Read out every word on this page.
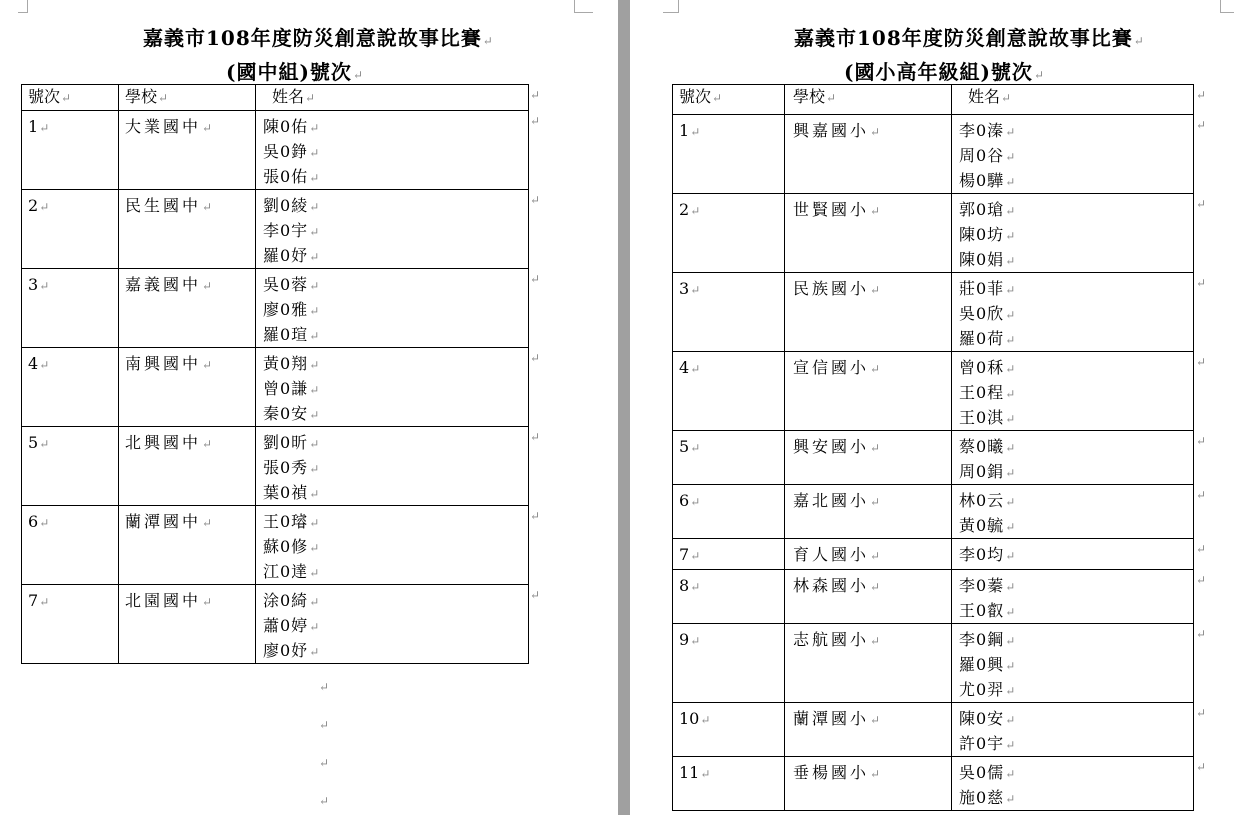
嘉義市108年度防災創意說故事比賽↵
(國中組)號次↵
號次↵	學校↵	姓名↵
1↵	大業國中↵	陳0佑↵
吳0錚↵
張0佑↵

2↵	民生國中↵	劉0綾↵
李0宇↵
羅0妤↵

3↵	嘉義國中↵	吳0蓉↵
廖0雅↵
羅0瑄↵

4↵	南興國中↵	黃0翔↵
曾0謙↵
秦0安↵

5↵	北興國中↵	劉0昕↵
張0秀↵
葉0禎↵

6↵	蘭潭國中↵	王0璿↵
蘇0修↵
江0達↵

7↵	北園國中↵	涂0綺↵
蕭0婷↵
廖0妤↵
↵
↵
↵
↵
↵
↵
↵
↵
↵
↵
↵
↵
嘉義市108年度防災創意說故事比賽↵
(國小高年級組)號次↵
號次↵	學校↵	姓名↵
1↵	興嘉國小↵	李0溱↵
周0谷↵
楊0驊↵

2↵	世賢國小↵	郭0瑲↵
陳0坊↵
陳0娟↵

3↵	民族國小↵	莊0菲↵
吳0欣↵
羅0荷↵

4↵	宣信國小↵	曾0秝↵
王0程↵
王0淇↵

5↵	興安國小↵	蔡0曦↵
周0鋗↵

6↵	嘉北國小↵	林0云↵
黃0毓↵

7↵	育人國小↵	李0均↵

8↵	林森國小↵	李0蓁↵
王0叡↵

9↵	志航國小↵	李0鋼↵
羅0興↵
尤0羿↵

10↵	蘭潭國小↵	陳0安↵
許0宇↵

11↵	垂楊國小↵	吳0儒↵
施0慈↵
↵
↵
↵
↵
↵
↵
↵
↵
↵
↵
↵
↵
